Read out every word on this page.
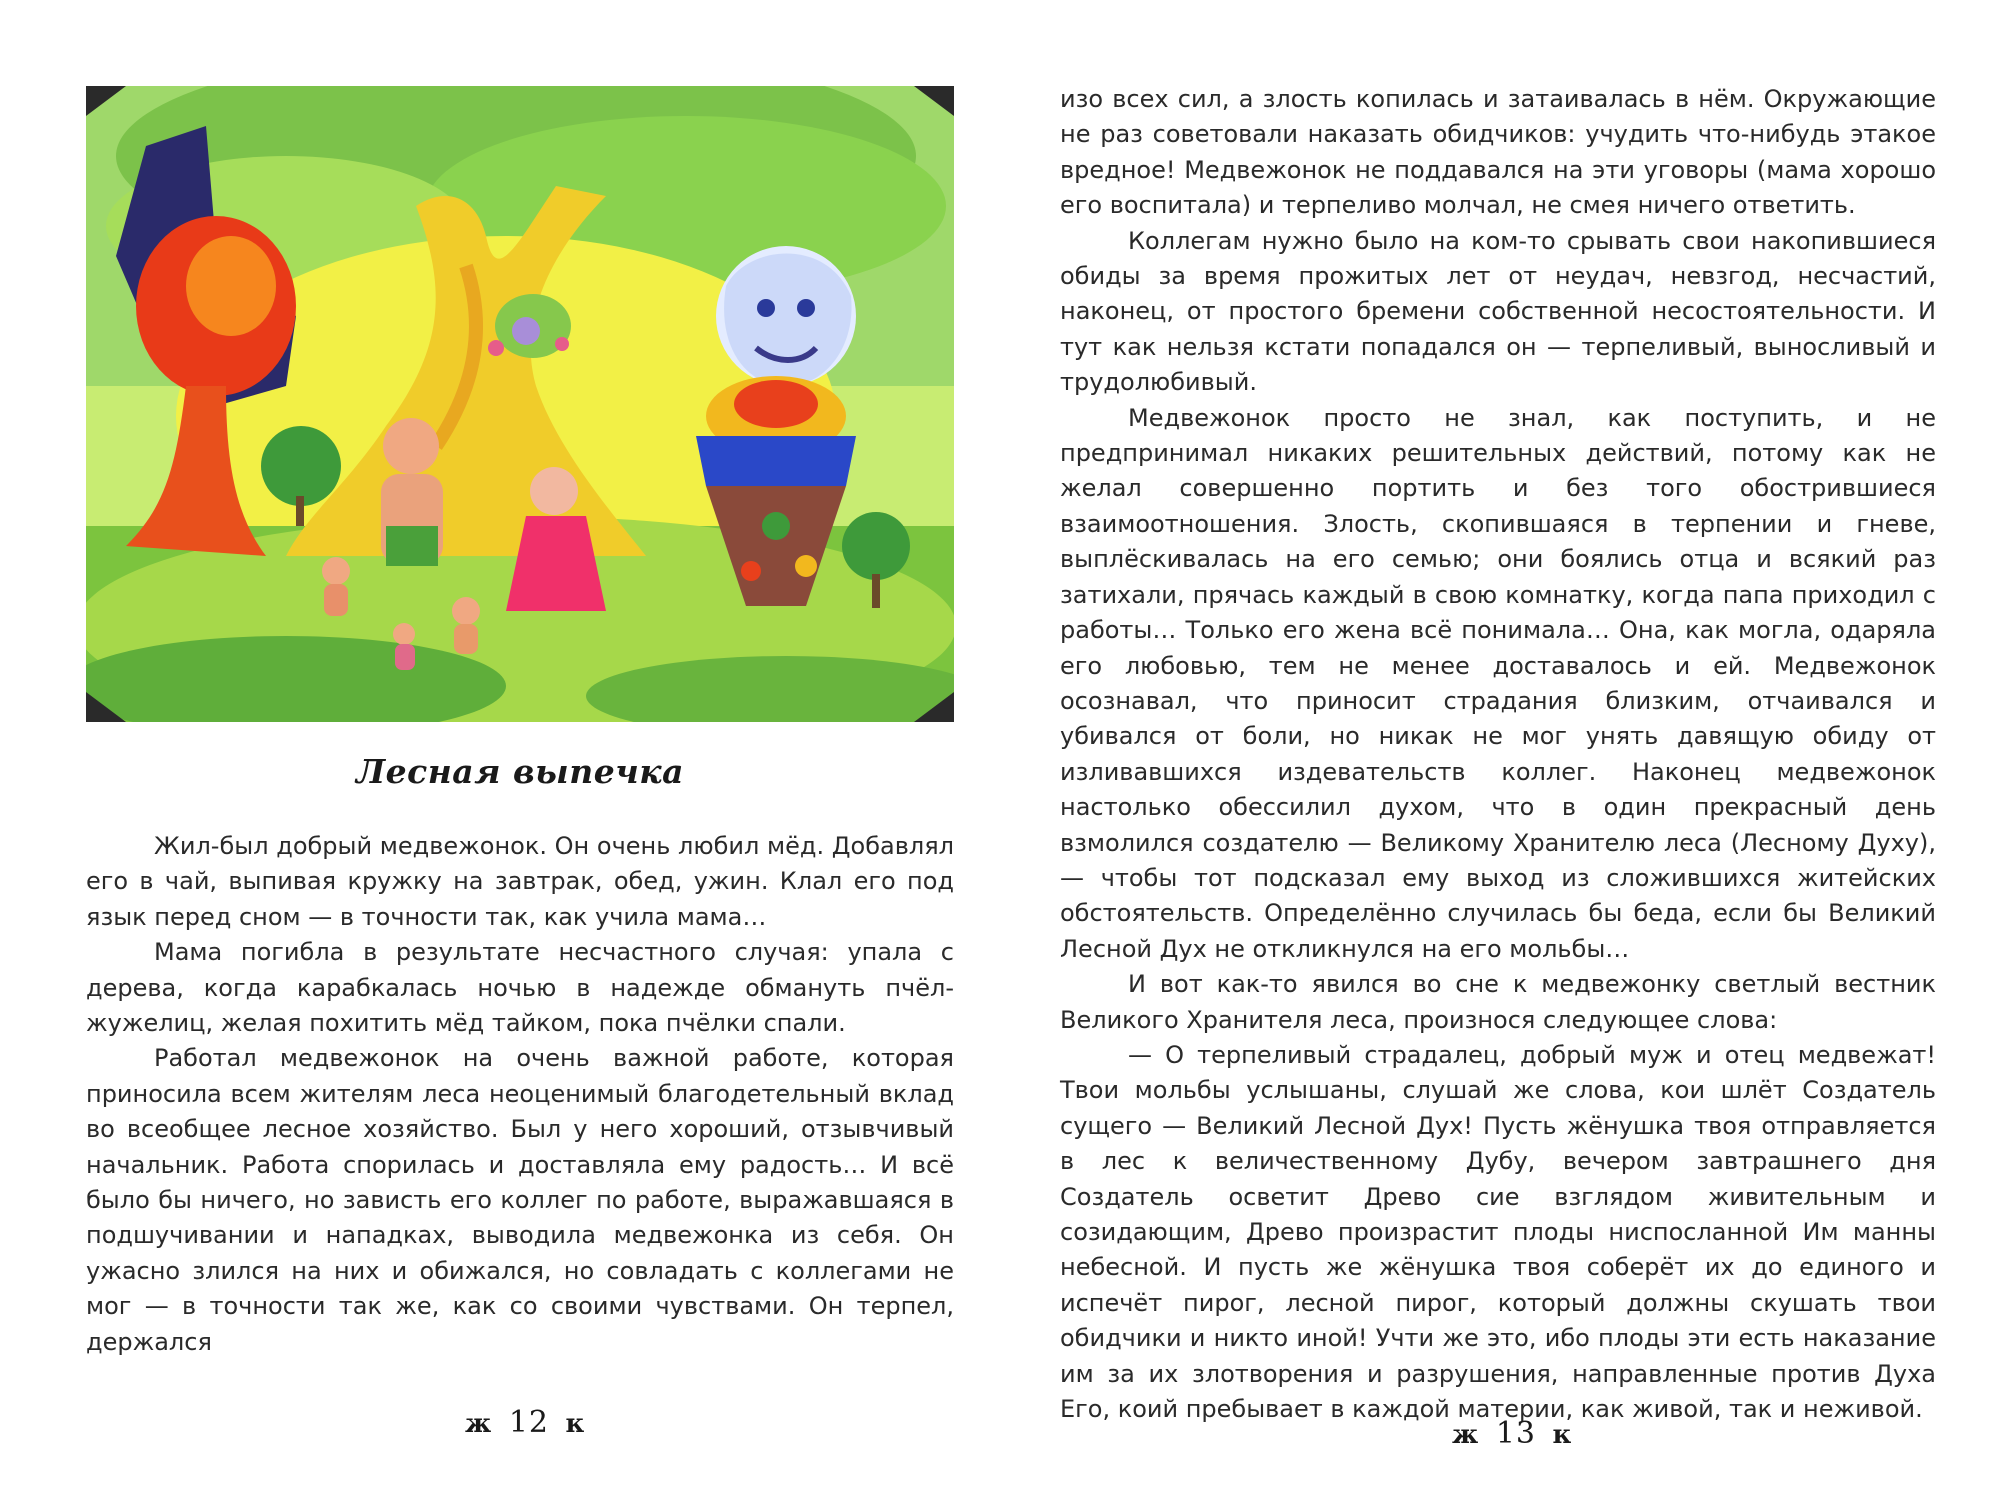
Лесная выпечка

Жил-был добрый медвежонок. Он очень любил мёд. Добавлял его в чай, выпивая кружку на завтрак, обед, ужин. Клал его под язык перед сном — в точности так, как учила мама…

Мама погибла в результате несчастного случая: упала с дерева, когда карабкалась ночью в надежде обмануть пчёл-жужелиц, желая похитить мёд тайком, пока пчёлки спали.

Работал медвежонок на очень важной работе, которая приносила всем жителям леса неоценимый благодетельный вклад во всеобщее лесное хозяйство. Был у него хороший, отзывчивый начальник. Работа спорилась и доставляла ему радость… И всё было бы ничего, но зависть его коллег по работе, выражавшаяся в подшучивании и нападках, выводила медвежонка из себя. Он ужасно злился на них и обижался, но совладать с коллегами не мог — в точности так же, как со своими чувствами. Он терпел, держался

ж 12 к

изо всех сил, а злость копилась и затаивалась в нём. Окружающие не раз советовали наказать обидчиков: учудить что-нибудь этакое вредное! Медвежонок не поддавался на эти уговоры (мама хорошо его воспитала) и терпеливо молчал, не смея ничего ответить.

Коллегам нужно было на ком-то срывать свои накопившиеся обиды за время прожитых лет от неудач, невзгод, несчастий, наконец, от простого бремени собственной несостоятельности. И тут как нельзя кстати попадался он — терпеливый, выносливый и трудолюбивый.

Медвежонок просто не знал, как поступить, и не предпринимал никаких решительных действий, потому как не желал совершенно портить и без того обострившиеся взаимоотношения. Злость, скопившаяся в терпении и гневе, выплёскивалась на его семью; они боялись отца и всякий раз затихали, прячась каждый в свою комнатку, когда папа приходил с работы… Только его жена всё понимала… Она, как могла, одаряла его любовью, тем не менее доставалось и ей. Медвежонок осознавал, что приносит страдания близким, отчаивался и убивался от боли, но никак не мог унять давящую обиду от изливавшихся издевательств коллег. Наконец медвежонок настолько обессилил духом, что в один прекрасный день взмолился создателю — Великому Хранителю леса (Лесному Духу), — чтобы тот подсказал ему выход из сложившихся житейских обстоятельств. Определённо случилась бы беда, если бы Великий Лесной Дух не откликнулся на его мольбы…

И вот как-то явился во сне к медвежонку светлый вестник Великого Хранителя леса, произнося следующее слова:

— О терпеливый страдалец, добрый муж и отец медвежат! Твои мольбы услышаны, слушай же слова, кои шлёт Создатель сущего — Великий Лесной Дух! Пусть жёнушка твоя отправляется в лес к величественному Дубу, вечером завтрашнего дня Создатель осветит Древо сие взглядом живительным и созидающим, Древо произрастит плоды ниспосланной Им манны небесной. И пусть же жёнушка твоя соберёт их до единого и испечёт пирог, лесной пирог, который должны скушать твои обидчики и никто иной! Учти же это, ибо плоды эти есть наказание им за их злотворения и разрушения, направленные против Духа Его, коий пребывает в каждой материи, как живой, так и неживой.

ж 13 к
